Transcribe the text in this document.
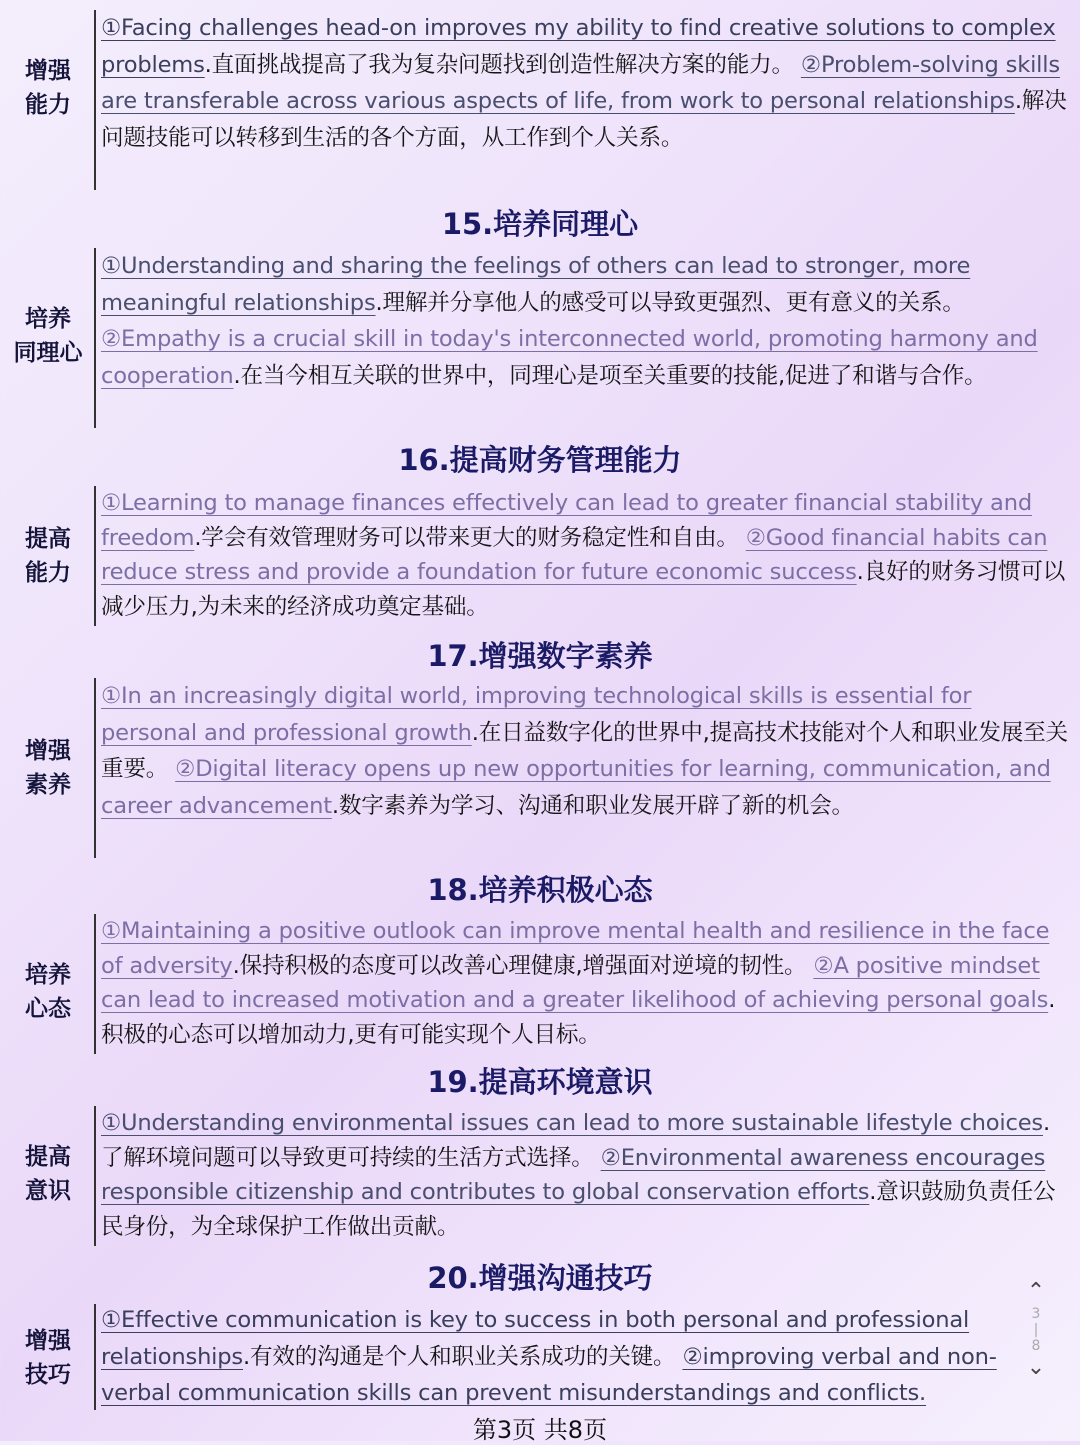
增强
能力
①Facing challenges head-on improves my ability to find creative solutions to complex problems.直面挑战提高了我为复杂问题找到创造性解决方案的能力。 ②Problem-solving skills are transferable across various aspects of life, from work to personal relationships.解决问题技能可以转移到生活的各个方面，从工作到个人关系。
15.培养同理心
培养
同理心
①Understanding and sharing the feelings of others can lead to stronger, more meaningful relationships.理解并分享他人的感受可以导致更强烈、更有意义的关系。 ②Empathy is a crucial skill in today's interconnected world, promoting harmony and cooperation.在当今相互关联的世界中，同理心是项至关重要的技能,促进了和谐与合作。
16.提高财务管理能力
提高
能力
①Learning to manage finances effectively can lead to greater financial stability and freedom.学会有效管理财务可以带来更大的财务稳定性和自由。 ②Good financial habits can reduce stress and provide a foundation for future economic success.良好的财务习惯可以减少压力,为未来的经济成功奠定基础。
17.增强数字素养
增强
素养
①In an increasingly digital world, improving technological skills is essential for personal and professional growth.在日益数字化的世界中,提高技术技能对个人和职业发展至关重要。 ②Digital literacy opens up new opportunities for learning, communication, and career advancement.数字素养为学习、沟通和职业发展开辟了新的机会。
18.培养积极心态
培养
心态
①Maintaining a positive outlook can improve mental health and resilience in the face of adversity.保持积极的态度可以改善心理健康,增强面对逆境的韧性。 ②A positive mindset can lead to increased motivation and a greater likelihood of achieving personal goals.积极的心态可以增加动力,更有可能实现个人目标。
19.提高环境意识
提高
意识
①Understanding environmental issues can lead to more sustainable lifestyle choices.了解环境问题可以导致更可持续的生活方式选择。 ②Environmental awareness encourages responsible citizenship and contributes to global conservation efforts.意识鼓励负责任公民身份，为全球保护工作做出贡献。
20.增强沟通技巧
增强
技巧
①Effective communication is key to success in both personal and professional relationships.有效的沟通是个人和职业关系成功的关键。 ②improving verbal and non-verbal communication skills can prevent misunderstandings and conflicts.
⌃
3
|
8
⌄
第3页 共8页
